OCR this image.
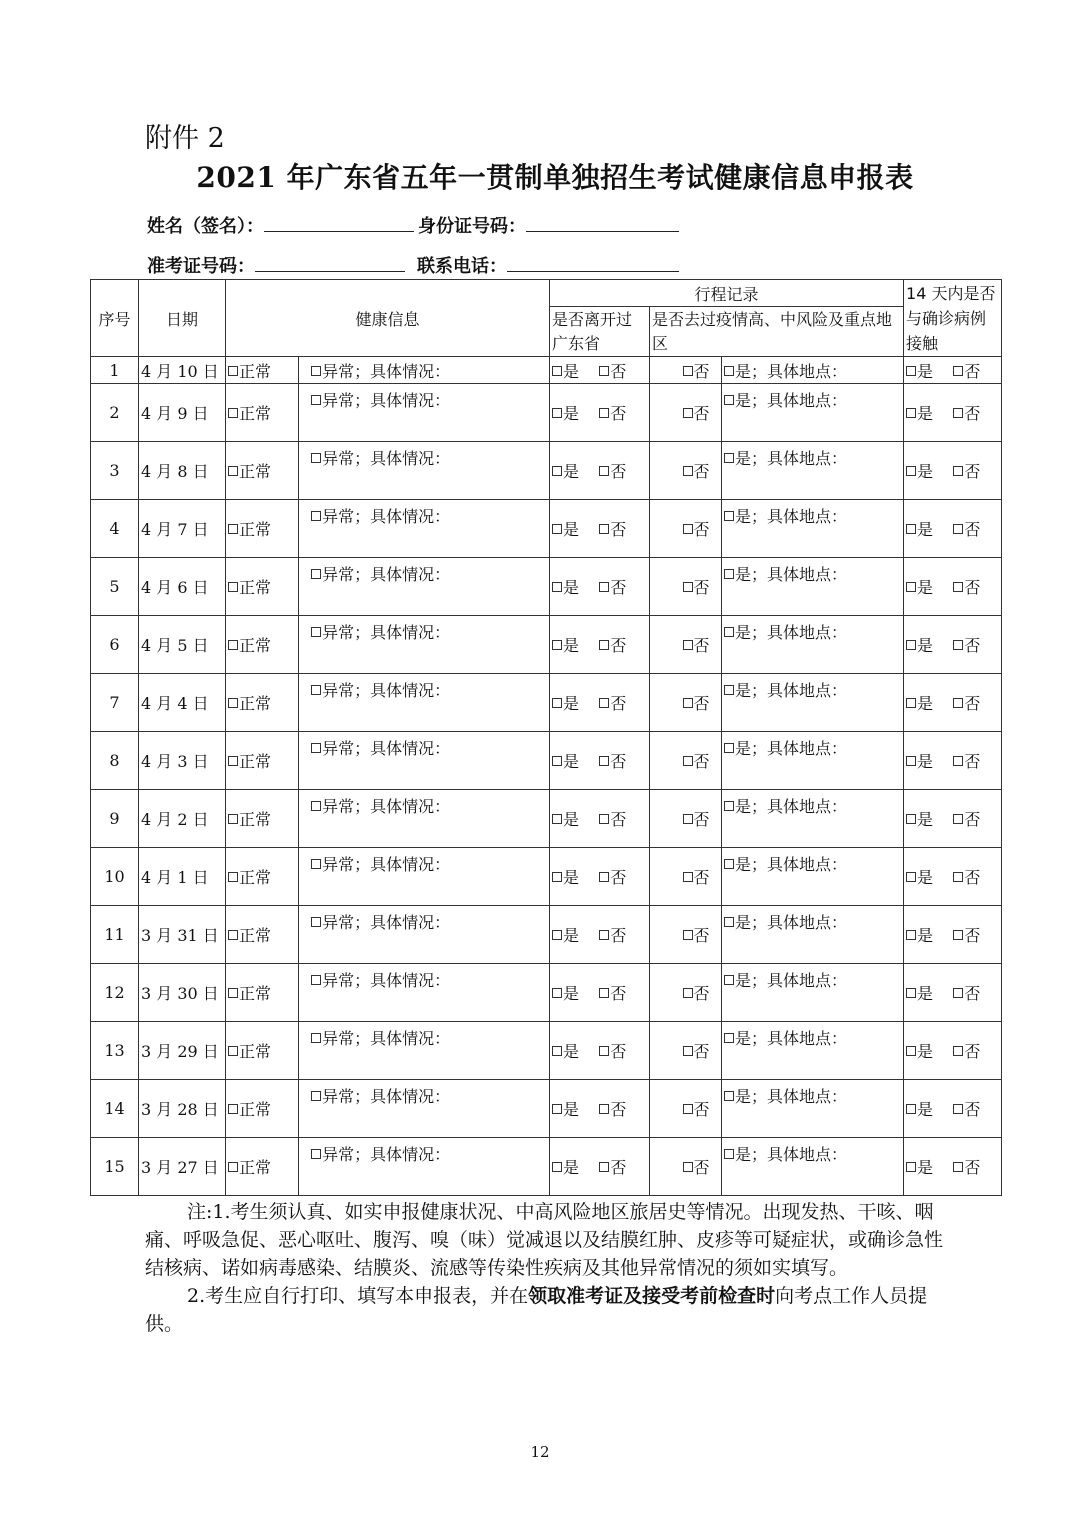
附件 2
2021 年广东省五年一贯制单独招生考试健康信息申报表
姓名（签名）：	身份证号码：
准考证号码：	联系电话：
序号	日期	健康信息		行程记录			14 天内是否与确诊病例接触
				是否离开过广东省	是否去过疫情高、中风险及重点地区		
1	4 月 10 日	正常	异常；具体情况：	是 否	否	是；具体地点：	是 否
2	4 月 9 日	正常	异常；具体情况：	是 否	否	是；具体地点：	是 否
3	4 月 8 日	正常	异常；具体情况：	是 否	否	是；具体地点：	是 否
4	4 月 7 日	正常	异常；具体情况：	是 否	否	是；具体地点：	是 否
5	4 月 6 日	正常	异常；具体情况：	是 否	否	是；具体地点：	是 否
6	4 月 5 日	正常	异常；具体情况：	是 否	否	是；具体地点：	是 否
7	4 月 4 日	正常	异常；具体情况：	是 否	否	是；具体地点：	是 否
8	4 月 3 日	正常	异常；具体情况：	是 否	否	是；具体地点：	是 否
9	4 月 2 日	正常	异常；具体情况：	是 否	否	是；具体地点：	是 否
10	4 月 1 日	正常	异常；具体情况：	是 否	否	是；具体地点：	是 否
11	3 月 31 日	正常	异常；具体情况：	是 否	否	是；具体地点：	是 否
12	3 月 30 日	正常	异常；具体情况：	是 否	否	是；具体地点：	是 否
13	3 月 29 日	正常	异常；具体情况：	是 否	否	是；具体地点：	是 否
14	3 月 28 日	正常	异常；具体情况：	是 否	否	是；具体地点：	是 否
15	3 月 27 日	正常	异常；具体情况：	是 否	否	是；具体地点：	是 否

注:1.考生须认真、如实申报健康状况、中高风险地区旅居史等情况。出现发热、干咳、咽痛、呼吸急促、恶心呕吐、腹泻、嗅（味）觉减退以及结膜红肿、皮疹等可疑症状，或确诊急性结核病、诺如病毒感染、结膜炎、流感等传染性疾病及其他异常情况的须如实填写。

2.考生应自行打印、填写本申报表，并在领取准考证及接受考前检查时向考点工作人员提供。

12
